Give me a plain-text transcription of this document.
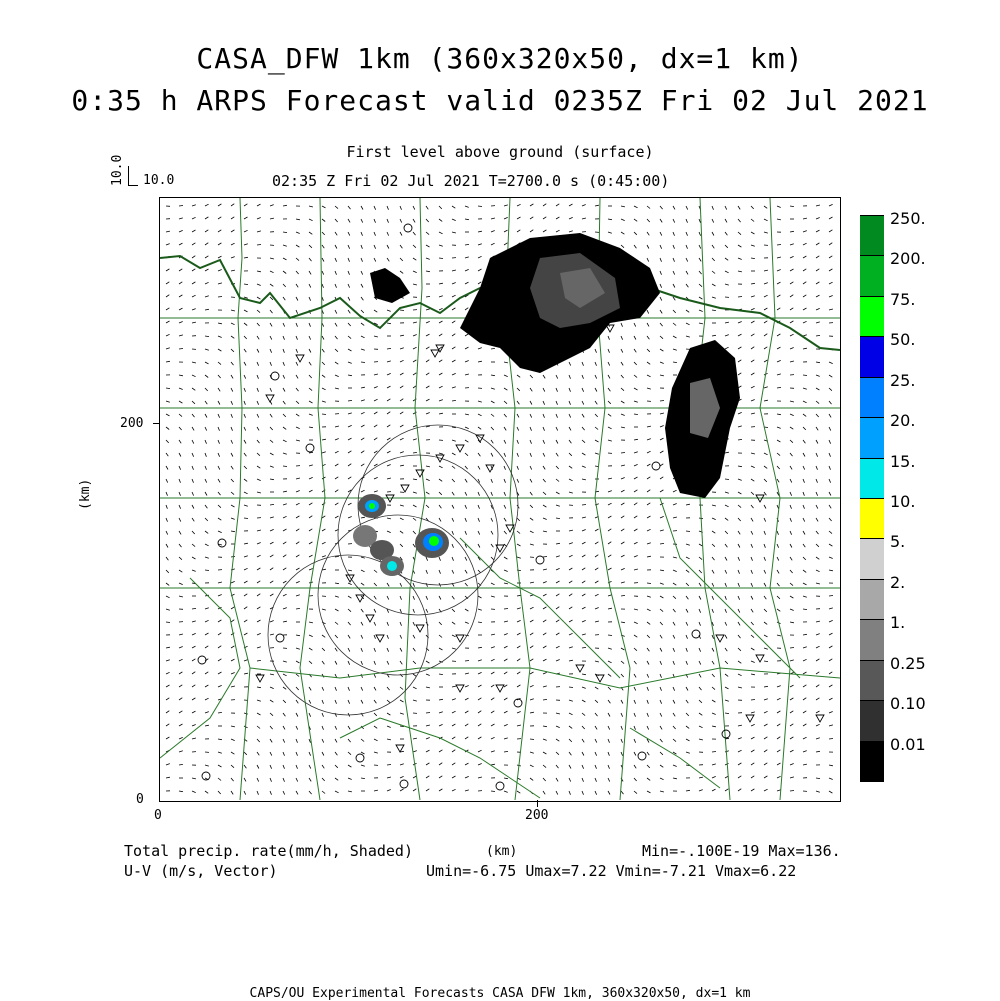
CASA_DFW 1km (360x320x50, dx=1 km)
0:35 h ARPS Forecast valid 0235Z Fri 02 Jul 2021
First level above ground (surface)
02:35 Z Fri 02 Jul 2021 T=2700.0 s (0:45:00)
10.0 10.0
0
200
0	200
(km)
250.
200.
75.
50.
25.
20.
15.
10.
5.
2.
1.
0.25
0.10
0.01
Total precip. rate(mm/h, Shaded)
U-V (m/s, Vector)
(km)	Min=-.100E-19 Max=136.
Umin=-6.75 Umax=7.22 Vmin=-7.21 Vmax=6.22
CAPS/OU Experimental Forecasts CASA DFW 1km, 360x320x50, dx=1 km
